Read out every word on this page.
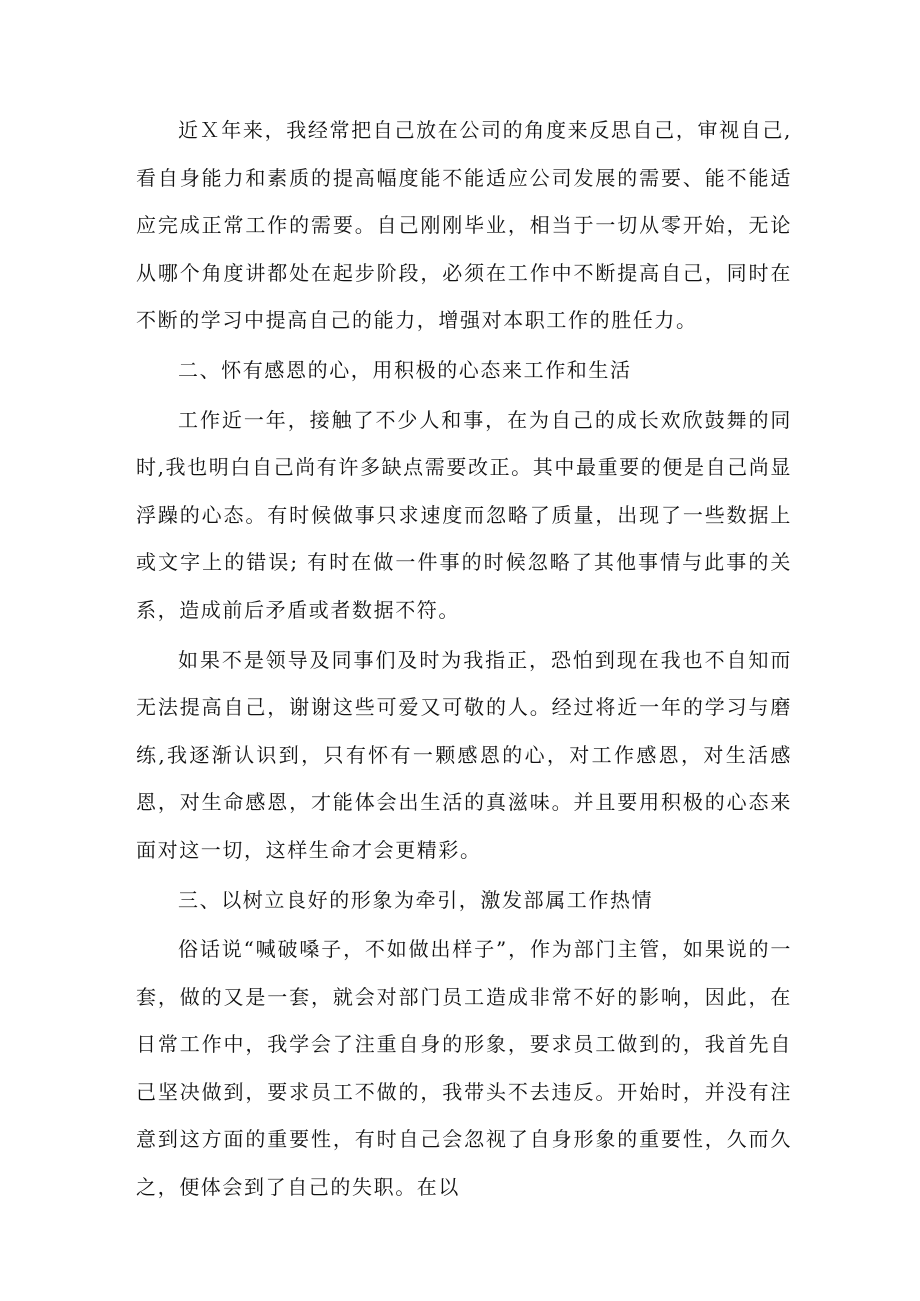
近Ｘ年来，我经常把自己放在公司的角度来反思自己，审视自己,看自身能力和素质的提高幅度能不能适应公司发展的需要、能不能适应完成正常工作的需要。自己刚刚毕业，相当于一切从零开始，无论从哪个角度讲都处在起步阶段，必须在工作中不断提高自己，同时在不断的学习中提高自己的能力，增强对本职工作的胜任力。

二、怀有感恩的心，用积极的心态来工作和生活

工作近一年，接触了不少人和事，在为自己的成长欢欣鼓舞的同时,我也明白自己尚有许多缺点需要改正。其中最重要的便是自己尚显浮躁的心态。有时候做事只求速度而忽略了质量，出现了一些数据上或文字上的错误; 有时在做一件事的时候忽略了其他事情与此事的关系，造成前后矛盾或者数据不符。

如果不是领导及同事们及时为我指正，恐怕到现在我也不自知而无法提高自己，谢谢这些可爱又可敬的人。经过将近一年的学习与磨练,我逐渐认识到，只有怀有一颗感恩的心，对工作感恩，对生活感恩，对生命感恩，才能体会出生活的真滋味。并且要用积极的心态来面对这一切，这样生命才会更精彩。

三、以树立良好的形象为牵引，激发部属工作热情

俗话说“喊破嗓子，不如做出样子”，作为部门主管，如果说的一套，做的又是一套，就会对部门员工造成非常不好的影响，因此，在日常工作中，我学会了注重自身的形象，要求员工做到的，我首先自己坚决做到，要求员工不做的，我带头不去违反。开始时，并没有注意到这方面的重要性，有时自己会忽视了自身形象的重要性，久而久之，便体会到了自己的失职。在以
